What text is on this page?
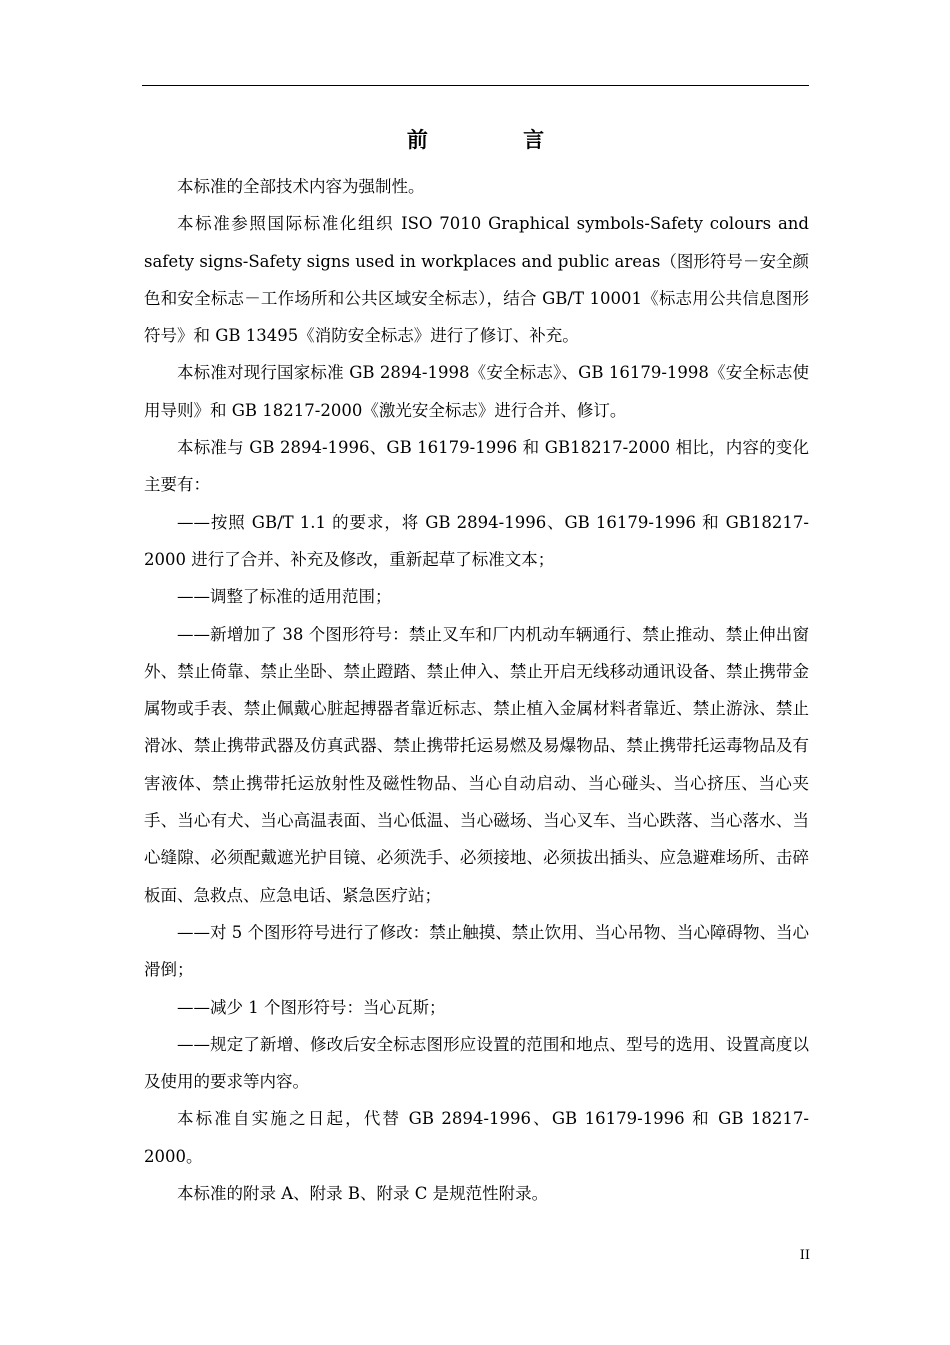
前 言

本标准的全部技术内容为强制性。

本标准参照国际标准化组织 ISO 7010 Graphical symbols-Safety colours and safety signs-Safety signs used in workplaces and public areas（图形符号－安全颜色和安全标志－工作场所和公共区域安全标志），结合 GB/T 10001《标志用公共信息图形符号》和 GB 13495《消防安全标志》进行了修订、补充。

本标准对现行国家标准 GB 2894-1998《安全标志》、GB 16179-1998《安全标志使用导则》和 GB 18217-2000《激光安全标志》进行合并、修订。

本标准与 GB 2894-1996、GB 16179-1996 和 GB18217-2000 相比，内容的变化主要有：

——按照 GB/T 1.1 的要求，将 GB 2894-1996、GB 16179-1996 和 GB18217-2000 进行了合并、补充及修改，重新起草了标准文本；

——调整了标准的适用范围；

——新增加了 38 个图形符号：禁止叉车和厂内机动车辆通行、禁止推动、禁止伸出窗外、禁止倚靠、禁止坐卧、禁止蹬踏、禁止伸入、禁止开启无线移动通讯设备、禁止携带金属物或手表、禁止佩戴心脏起搏器者靠近标志、禁止植入金属材料者靠近、禁止游泳、禁止滑冰、禁止携带武器及仿真武器、禁止携带托运易燃及易爆物品、禁止携带托运毒物品及有害液体、禁止携带托运放射性及磁性物品、当心自动启动、当心碰头、当心挤压、当心夹手、当心有犬、当心高温表面、当心低温、当心磁场、当心叉车、当心跌落、当心落水、当心缝隙、必须配戴遮光护目镜、必须洗手、必须接地、必须拔出插头、应急避难场所、击碎板面、急救点、应急电话、紧急医疗站；

——对 5 个图形符号进行了修改：禁止触摸、禁止饮用、当心吊物、当心障碍物、当心滑倒；

——减少 1 个图形符号：当心瓦斯；

——规定了新增、修改后安全标志图形应设置的范围和地点、型号的选用、设置高度以及使用的要求等内容。

本标准自实施之日起，代替 GB 2894-1996、GB 16179-1996 和 GB 18217-2000。

本标准的附录 A、附录 B、附录 C 是规范性附录。

II
